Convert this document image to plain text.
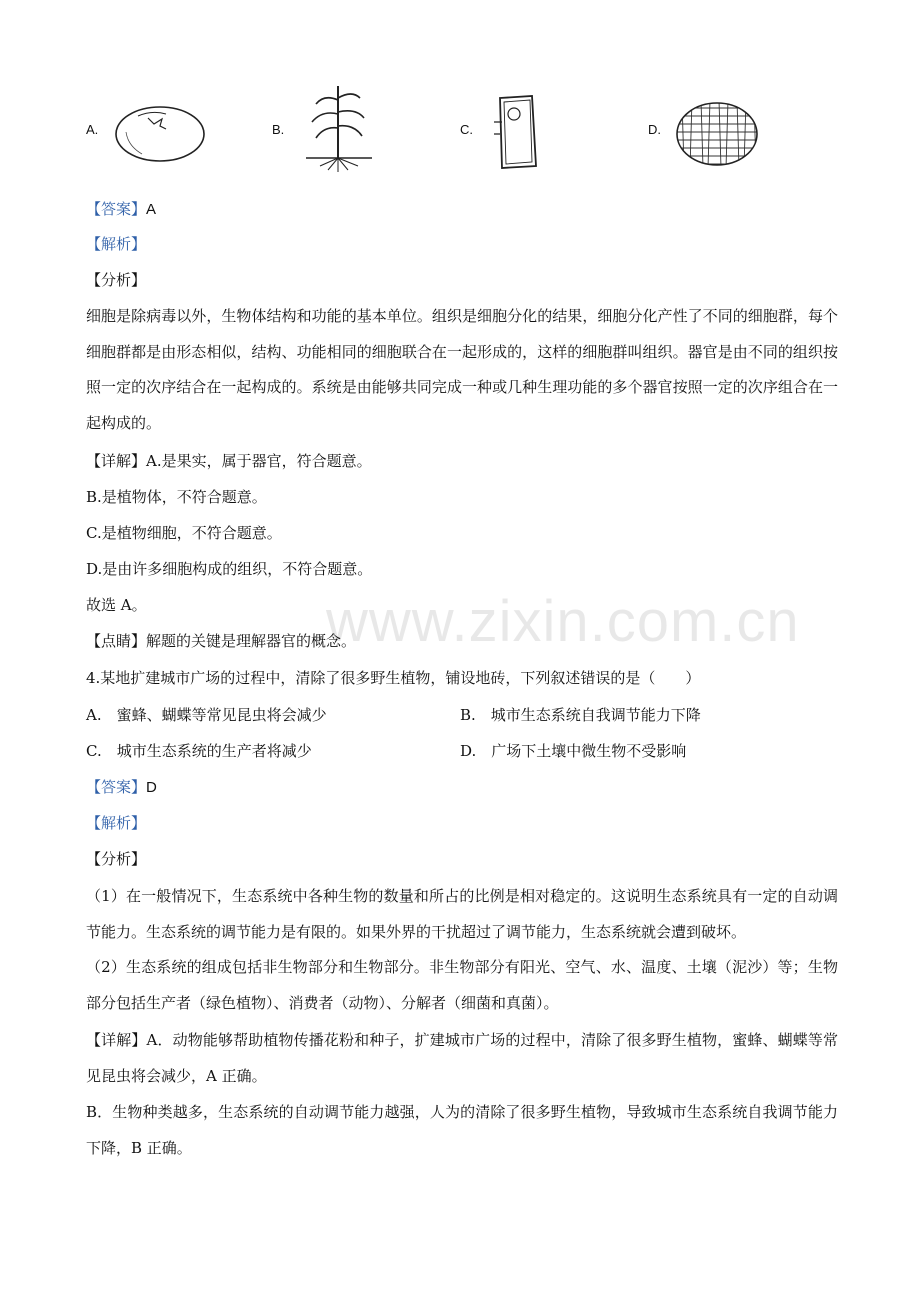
A.	B.	C.	D.
【答案】A
【解析】
【分析】
细胞是除病毒以外，生物体结构和功能的基本单位。组织是细胞分化的结果，细胞分化产性了不同的细胞群，每个细胞群都是由形态相似，结构、功能相同的细胞联合在一起形成的，这样的细胞群叫组织。器官是由不同的组织按照一定的次序结合在一起构成的。系统是由能够共同完成一种或几种生理功能的多个器官按照一定的次序组合在一起构成的。
【详解】A.是果实，属于器官，符合题意。
B.是植物体，不符合题意。
C.是植物细胞，不符合题意。
D.是由许多细胞构成的组织，不符合题意。
故选 A。
【点睛】解题的关键是理解器官的概念。
www.zixin.com.cn
4.某地扩建城市广场的过程中，清除了很多野生植物，铺设地砖，下列叙述错误的是（　　）
A.　蜜蜂、蝴蝶等常见昆虫将会减少	B.　城市生态系统自我调节能力下降
C.　城市生态系统的生产者将减少	D.　广场下土壤中微生物不受影响
【答案】D
【解析】
【分析】
（1）在一般情况下，生态系统中各种生物的数量和所占的比例是相对稳定的。这说明生态系统具有一定的自动调节能力。生态系统的调节能力是有限的。如果外界的干扰超过了调节能力，生态系统就会遭到破坏。
（2）生态系统的组成包括非生物部分和生物部分。非生物部分有阳光、空气、水、温度、土壤（泥沙）等；生物部分包括生产者（绿色植物）、消费者（动物）、分解者（细菌和真菌）。
【详解】A．动物能够帮助植物传播花粉和种子，扩建城市广场的过程中，清除了很多野生植物，蜜蜂、蝴蝶等常见昆虫将会减少，A 正确。
B．生物种类越多，生态系统的自动调节能力越强，人为的清除了很多野生植物，导致城市生态系统自我调节能力下降，B 正确。
